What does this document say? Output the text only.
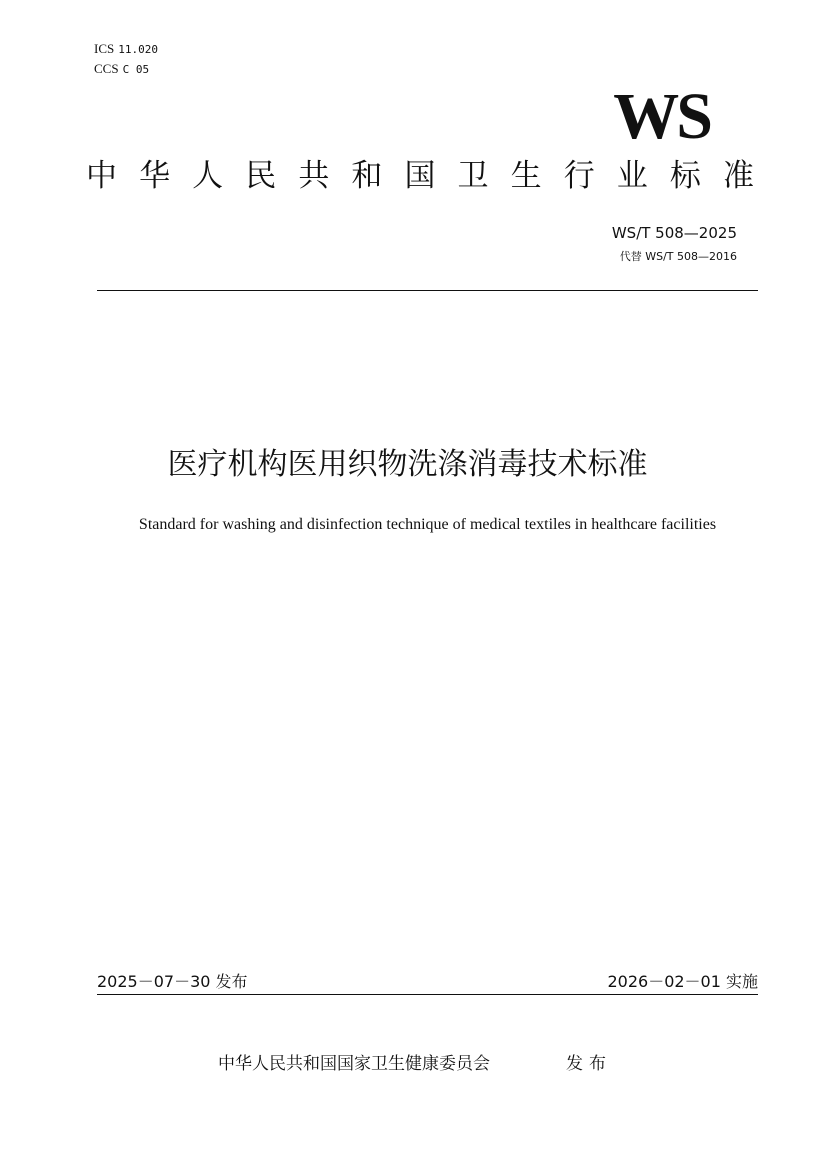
ICS 11.020
CCS C 05
WS
中 华 人 民 共 和 国 卫 生 行 业 标 准
WS/T 508—2025
代替 WS/T 508—2016
医疗机构医用织物洗涤消毒技术标准
Standard for washing and disinfection technique of medical textiles in healthcare facilities
2025－07－30 发布	2026－02－01 实施
中华人民共和国国家卫生健康委员会	发布
